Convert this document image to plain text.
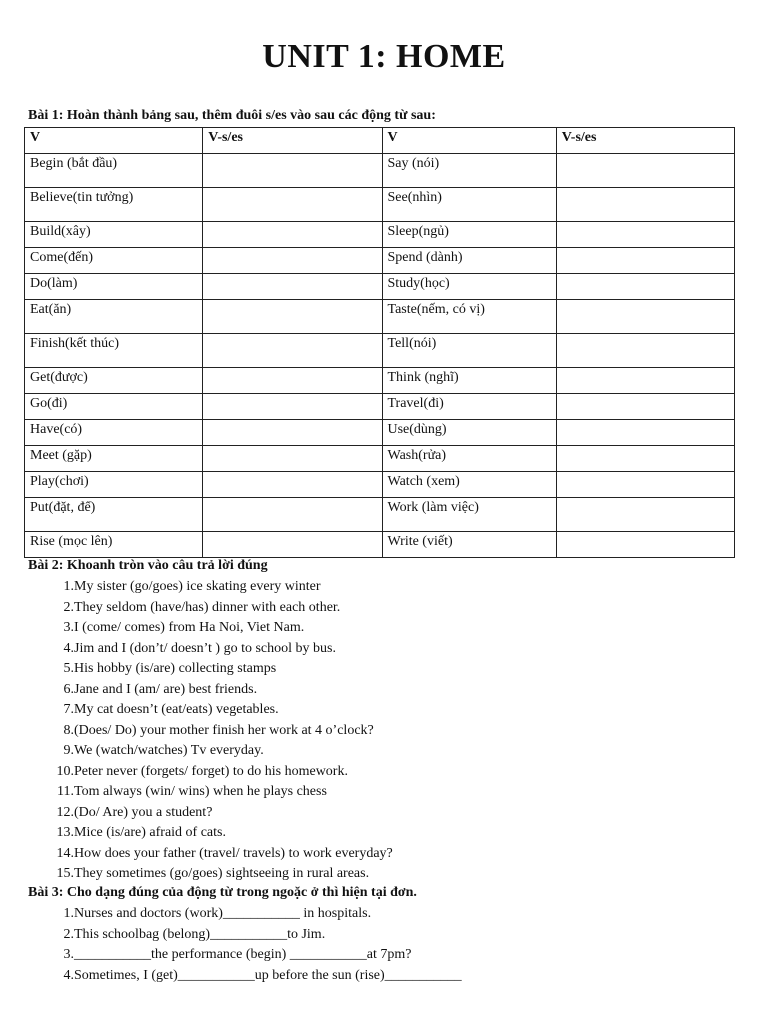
UNIT 1: HOME

Bài 1: Hoàn thành bảng sau, thêm đuôi s/es vào sau các động từ sau:

V	V-s/es	V	V-s/es
Begin (bắt đầu)		Say (nói)	
Believe(tin tưởng)		See(nhìn)	
Build(xây)		Sleep(ngủ)	
Come(đến)		Spend (dành)	
Do(làm)		Study(học)	
Eat(ăn)		Taste(nếm, có vị)	
Finish(kết thúc)		Tell(nói)	
Get(được)		Think (nghĩ)	
Go(đi)		Travel(đi)	
Have(có)		Use(dùng)	
Meet (gặp)		Wash(rửa)	
Play(chơi)		Watch (xem)	
Put(đặt, để)		Work (làm việc)	
Rise (mọc lên)		Write (viết)	

Bài 2: Khoanh tròn vào câu trả lời đúng

1. My sister (go/goes) ice skating every winter
2. They seldom (have/has) dinner with each other.
3. I (come/ comes) from Ha Noi, Viet Nam.
4. Jim and I (don’t/ doesn’t ) go to school by bus.
5. His hobby (is/are) collecting stamps
6. Jane and I (am/ are) best friends.
7. My cat doesn’t (eat/eats) vegetables.
8. (Does/ Do) your mother finish her work at 4 o’clock?
9. We (watch/watches) Tv everyday.
10. Peter never (forgets/ forget) to do his homework.
11. Tom always (win/ wins) when he plays chess
12. (Do/ Are) you a student?
13. Mice (is/are) afraid of cats.
14. How does your father (travel/ travels) to work everyday?
15. They sometimes (go/goes) sightseeing in rural areas.

Bài 3: Cho dạng đúng của động từ trong ngoặc ở thì hiện tại đơn.

1. Nurses and doctors (work)___________ in hospitals.
2. This schoolbag (belong)___________to Jim.
3. ___________the performance (begin) ___________at 7pm?
4. Sometimes, I (get)___________up before the sun (rise)___________
